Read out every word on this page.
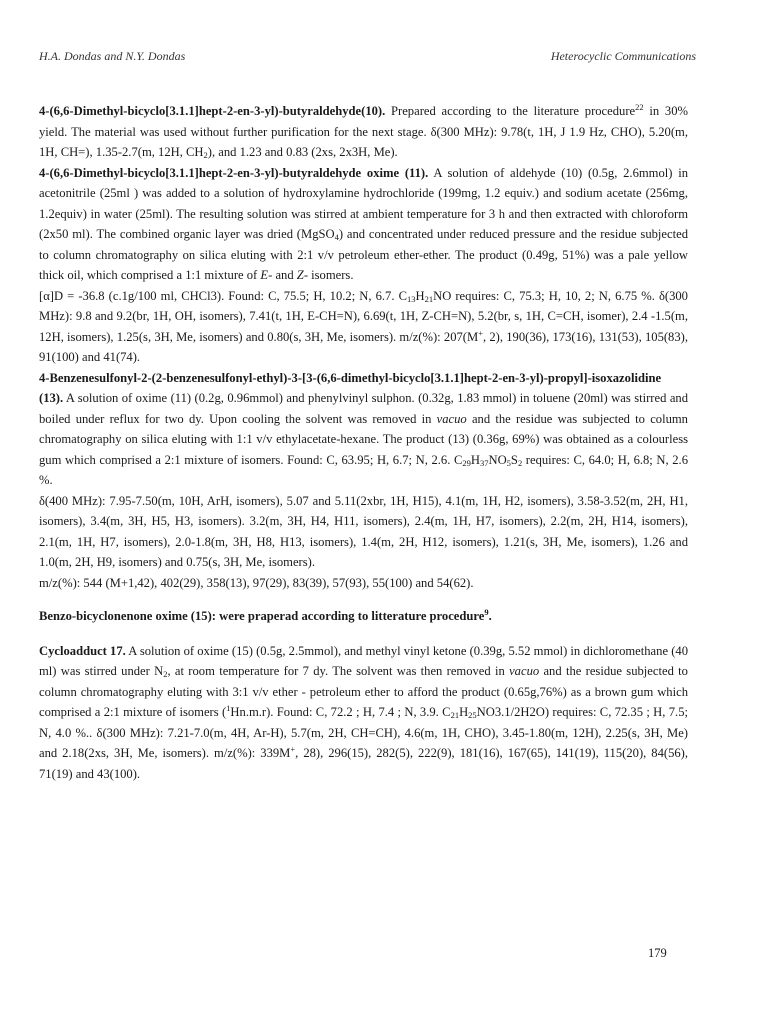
H.A. Dondas and N.Y. Dondas	Heterocyclic Communications

4-(6,6-Dimethyl-bicyclo[3.1.1]hept-2-en-3-yl)-butyraldehyde(10). Prepared according to the literature procedure$^{22}$ in 30% yield. The material was used without further purification for the next stage. δ(300 MHz): 9.78(t, 1H, J 1.9 Hz, CHO), 5.20(m, 1H, CH=), 1.35-2.7(m, 12H, $CH_2$), and 1.23 and 0.83 (2xs, 2x3H, Me).

4-(6,6-Dimethyl-bicyclo[3.1.1]hept-2-en-3-yl)-butyraldehyde oxime (11). A solution of aldehyde (10) (0.5g, 2.6mmol) in acetonitrile (25ml ) was added to a solution of hydroxylamine hydrochloride (199mg, 1.2 equiv.) and sodium acetate (256mg, 1.2equiv) in water (25ml). The resulting solution was stirred at ambient temperature for 3 h and then extracted with chloroform (2x50 ml). The combined organic layer was dried (MgSO$_4$) and concentrated under reduced pressure and the residue subjected to column chromatography on silica eluting with 2:1 v/v petroleum ether-ether. The product (0.49g, 51%) was a pale yellow thick oil, which comprised a 1:1 mixture of E- and Z- isomers.

[α]D = -36.8 (c.1g/100 ml, CHCl3). Found: C, 75.5; H, 10.2; N, 6.7. $C_{13}H_{21}NO$ requires: C, 75.3; H, 10, 2; N, 6.75 %. δ(300 MHz): 9.8 and 9.2(br, 1H, OH, isomers), 7.41(t, 1H, E-CH=N), 6.69(t, 1H, Z-CH=N), 5.2(br, s, 1H, C=CH, isomer), 2.4 -1.5(m, 12H, isomers), 1.25(s, 3H, Me, isomers) and 0.80(s, 3H, Me, isomers). m/z(%): 207(M+, 2), 190(36), 173(16), 131(53), 105(83), 91(100) and 41(74).

4-Benzenesulfonyl-2-(2-benzenesulfonyl-ethyl)-3-[3-(6,6-dimethyl-bicyclo[3.1.1]hept-2-en-3-yl)-propyl]-isoxazolidine (13). A solution of oxime (11) (0.2g, 0.96mmol) and phenylvinyl sulphon. (0.32g, 1.83 mmol) in toluene (20ml) was stirred and boiled under reflux for two dy. Upon cooling the solvent was removed in vacuo and the residue was subjected to column chromatography on silica eluting with 1:1 v/v ethylacetate-hexane. The product (13) (0.36g, 69%) was obtained as a colourless gum which comprised a 2:1 mixture of isomers. Found: C, 63.95; H, 6.7; N, 2.6. $C_{29}H_{37}NO_5S_2$ requires: C, 64.0; H, 6.8; N, 2.6 %.

δ(400 MHz): 7.95-7.50(m, 10H, ArH, isomers), 5.07 and 5.11(2xbr, 1H, H15), 4.1(m, 1H, H2, isomers), 3.58-3.52(m, 2H, H1, isomers), 3.4(m, 3H, H5, H3, isomers). 3.2(m, 3H, H4, H11, isomers), 2.4(m, 1H, H7, isomers), 2.2(m, 2H, H14, isomers), 2.1(m, 1H, H7, isomers), 2.0-1.8(m, 3H, H8, H13, isomers), 1.4(m, 2H, H12, isomers), 1.21(s, 3H, Me, isomers), 1.26 and 1.0(m, 2H, H9, isomers) and 0.75(s, 3H, Me, isomers).

m/z(%): 544 (M+1,42), 402(29), 358(13), 97(29), 83(39), 57(93), 55(100) and 54(62).

Benzo-bicyclonenone oxime (15): were praperad according to litterature procedure$^9$.

Cycloadduct 17. A solution of oxime (15) (0.5g, 2.5mmol), and methyl vinyl ketone (0.39g, 5.52 mmol) in dichloromethane (40 ml) was stirred under $N_2$, at room temperature for 7 dy. The solvent was then removed in vacuo and the residue subjected to column chromatography eluting with 3:1 v/v ether - petroleum ether to afford the product (0.65g,76%) as a brown gum which comprised a 2:1 mixture of isomers ($^1$Hn.m.r). Found: C, 72.2 ; H, 7.4 ; N, 3.9. $C_{21}H_{25}NO3.1/2H2O$) requires: C, 72.35 ; H, 7.5; N, 4.0 %.. δ(300 MHz): 7.21-7.0(m, 4H, Ar-H), 5.7(m, 2H, CH=CH), 4.6(m, 1H, CHO), 3.45-1.80(m, 12H), 2.25(s, 3H, Me) and 2.18(2xs, 3H, Me, isomers). m/z(%): 339M+, 28), 296(15), 282(5), 222(9), 181(16), 167(65), 141(19), 115(20), 84(56), 71(19) and 43(100).

179
